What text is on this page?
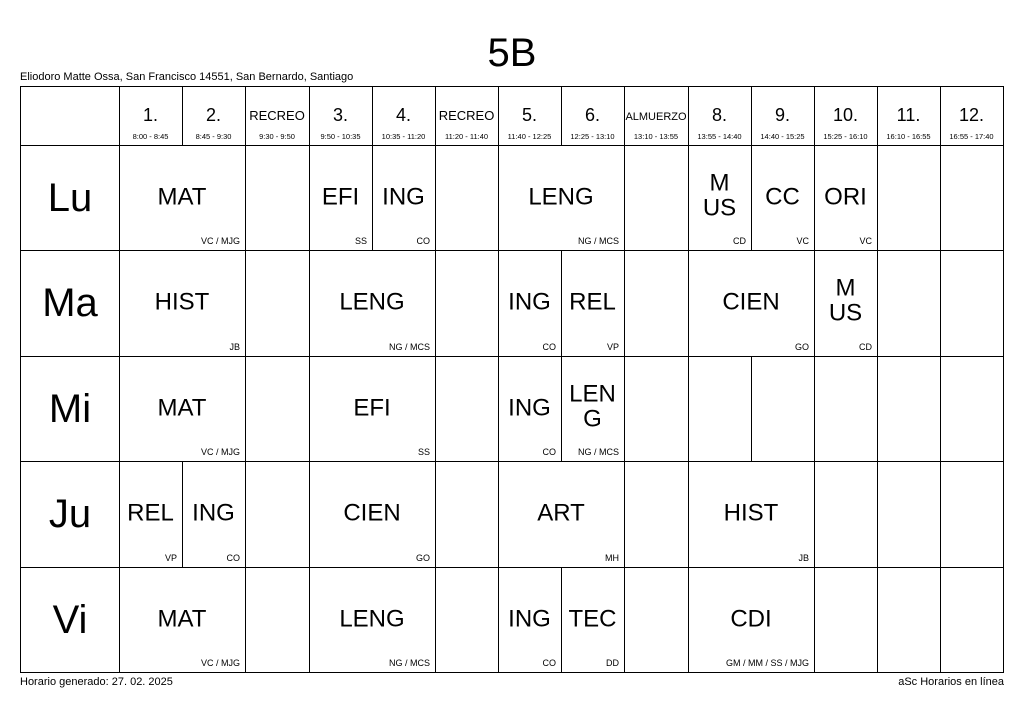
5B
Eliodoro Matte Ossa, San Francisco 14551, San Bernardo, Santiago
1.
8:00 - 8:45
2.
8:45 - 9:30
RECREO
9:30 - 9:50
3.
9:50 - 10:35
4.
10:35 - 11:20
RECREO
11:20 - 11:40
5.
11:40 - 12:25
6.
12:25 - 13:10
ALMUERZO
13:10 - 13:55
8.
13:55 - 14:40
9.
14:40 - 15:25
10.
15:25 - 16:10
11.
16:10 - 16:55
12.
16:55 - 17:40
Lu
Ma
Mi
Ju
Vi
MAT
VC / MJG
EFI
SS
ING
CO
LENG
NG / MCS
MUS
CD
CC
VC
ORI
VC
HIST
JB
LENG
NG / MCS
ING
CO
REL
VP
CIEN
GO
MUS
CD
MAT
VC / MJG
EFI
SS
ING
CO
LENG
NG / MCS
REL
VP
ING
CO
CIEN
GO
ART
MH
HIST
JB
MAT
VC / MJG
LENG
NG / MCS
ING
CO
TEC
DD
CDI
GM / MM / SS / MJG
Horario generado: 27. 02. 2025	aSc Horarios en línea
